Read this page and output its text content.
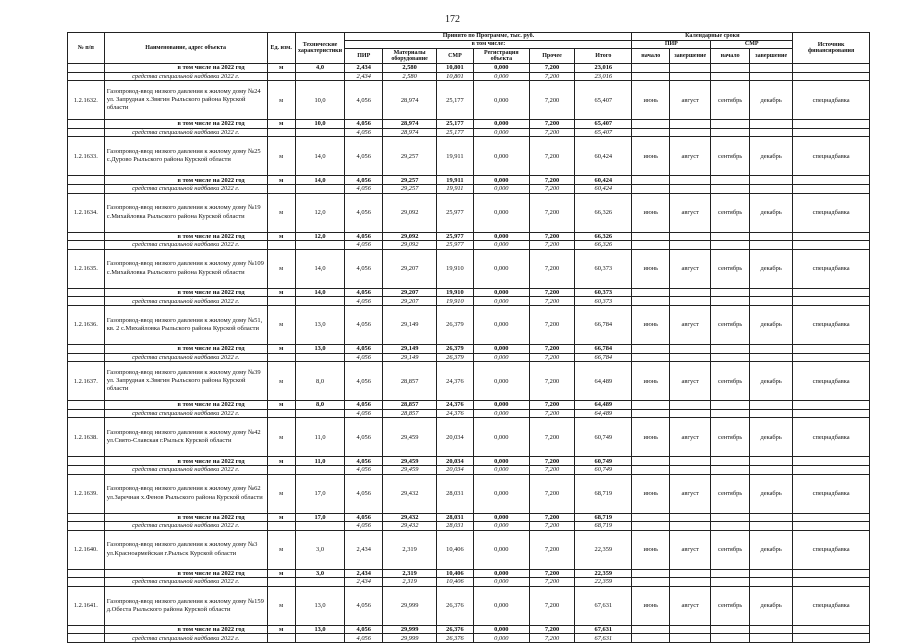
172
№ п/п	Наименование, адрес объекта	Ед. изм.	Технические характеристики	Принято по Программе, тыс. руб.						Календарные сроки				Источник финансирования
				в том числе:						ПИР		СМР		
				ПИР	Материалы оборудование	СМР	Регистрация объекта	Прочее	Итого	начало	завершение	начало	завершение	
	в том числе на 2022 год	м	4,0	2,434	2,580	10,801	0,000	7,200	23,016					
	средства специальной надбавки 2022 г.			2,434	2,580	10,801	0,000	7,200	23,016					
1.2.1632.	Газопровод-ввод низкого давления к жилому дому №24 ул. Запрудная х.Звягин Рыльского района Курской области	м	10,0	4,056	28,974	25,177	0,000	7,200	65,407	июнь	август	сентябрь	декабрь	спецнадбавка
	в том числе на 2022 год	м	10,0	4,056	28,974	25,177	0,000	7,200	65,407					
	средства специальной надбавки 2022 г.			4,056	28,974	25,177	0,000	7,200	65,407					
1.2.1633.	Газопровод-ввод низкого давления к жилому дому №25 с.Дурово Рыльского района Курской области	м	14,0	4,056	29,257	19,911	0,000	7,200	60,424	июнь	август	сентябрь	декабрь	спецнадбавка
	в том числе на 2022 год	м	14,0	4,056	29,257	19,911	0,000	7,200	60,424					
	средства специальной надбавки 2022 г.			4,056	29,257	19,911	0,000	7,200	60,424					
1.2.1634.	Газопровод-ввод низкого давления к жилому дому №19 с.Михайловка Рыльского района Курской области	м	12,0	4,056	29,092	25,977	0,000	7,200	66,326	июнь	август	сентябрь	декабрь	спецнадбавка
	в том числе на 2022 год	м	12,0	4,056	29,092	25,977	0,000	7,200	66,326					
	средства специальной надбавки 2022 г.			4,056	29,092	25,977	0,000	7,200	66,326					
1.2.1635.	Газопровод-ввод низкого давления к жилому дому №109 с.Михайловка Рыльского района Курской области	м	14,0	4,056	29,207	19,910	0,000	7,200	60,373	июнь	август	сентябрь	декабрь	спецнадбавка
	в том числе на 2022 год	м	14,0	4,056	29,207	19,910	0,000	7,200	60,373					
	средства специальной надбавки 2022 г.			4,056	29,207	19,910	0,000	7,200	60,373					
1.2.1636.	Газопровод-ввод низкого давления к жилому дому №51, кв. 2 с.Михайловка Рыльского района Курской области	м	13,0	4,056	29,149	26,379	0,000	7,200	66,784	июнь	август	сентябрь	декабрь	спецнадбавка
	в том числе на 2022 год	м	13,0	4,056	29,149	26,379	0,000	7,200	66,784					
	средства специальной надбавки 2022 г.			4,056	29,149	26,379	0,000	7,200	66,784					
1.2.1637.	Газопровод-ввод низкого давления к жилому дому №39 ул. Запрудная х.Звягин Рыльского района Курской области	м	8,0	4,056	28,857	24,376	0,000	7,200	64,489	июнь	август	сентябрь	декабрь	спецнадбавка
	в том числе на 2022 год	м	8,0	4,056	28,857	24,376	0,000	7,200	64,489					
	средства специальной надбавки 2022 г.			4,056	28,857	24,376	0,000	7,200	64,489					
1.2.1638.	Газопровод-ввод низкого давления к жилому дому №42 ул.Свято-Славская г.Рыльск Курской области	м	11,0	4,056	29,459	20,034	0,000	7,200	60,749	июнь	август	сентябрь	декабрь	спецнадбавка
	в том числе на 2022 год	м	11,0	4,056	29,459	20,034	0,000	7,200	60,749					
	средства специальной надбавки 2022 г.			4,056	29,459	20,034	0,000	7,200	60,749					
1.2.1639.	Газопровод-ввод низкого давления к жилому дому №62 ул.Заречная х.Фенов Рыльского района Курской области	м	17,0	4,056	29,432	28,031	0,000	7,200	68,719	июнь	август	сентябрь	декабрь	спецнадбавка
	в том числе на 2022 год	м	17,0	4,056	29,432	28,031	0,000	7,200	68,719					
	средства специальной надбавки 2022 г.			4,056	29,432	28,031	0,000	7,200	68,719					
1.2.1640.	Газопровод-ввод низкого давления к жилому дому №3 ул.Красноармейская г.Рыльск Курской области	м	3,0	2,434	2,319	10,406	0,000	7,200	22,359	июнь	август	сентябрь	декабрь	спецнадбавка
	в том числе на 2022 год	м	3,0	2,434	2,319	10,406	0,000	7,200	22,359					
	средства специальной надбавки 2022 г.			2,434	2,319	10,406	0,000	7,200	22,359					
1.2.1641.	Газопровод-ввод низкого давления к жилому дому №159 д.Обеста Рыльского района Курской области	м	13,0	4,056	29,999	26,376	0,000	7,200	67,631	июнь	август	сентябрь	декабрь	спецнадбавка
	в том числе на 2022 год	м	13,0	4,056	29,999	26,376	0,000	7,200	67,631					
	средства специальной надбавки 2022 г.			4,056	29,999	26,376	0,000	7,200	67,631					
